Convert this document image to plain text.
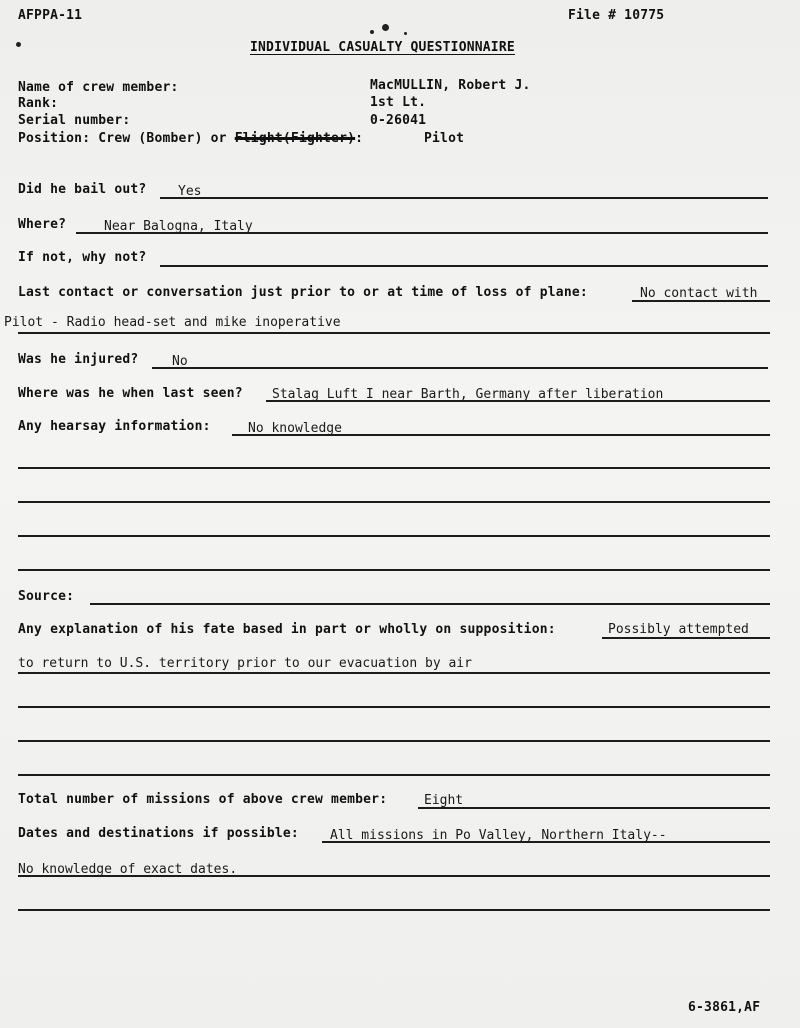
AFPPA-11	File # 10775
INDIVIDUAL CASUALTY QUESTIONNAIRE
Name of crew member:	MacMULLIN, Robert J.
Rank:	1st Lt.
Serial number:	0-26041
Position: Crew (Bomber) or Flight(Fighter):	Pilot
Did he bail out? Yes
Where?	Near Balogna, Italy
If not, why not?
Last contact or conversation just prior to or at time of loss of plane:	No contact with
Pilot - Radio head-set and mike inoperative
Was he injured?	No
Where was he when last seen? Stalag Luft I near Barth, Germany after liberation
Any hearsay information:	No knowledge
Source:
Any explanation of his fate based in part or wholly on supposition:	Possibly attempted
to return to U.S. territory prior to our evacuation by air
Total number of missions of above crew member:	Eight
Dates and destinations if possible: All missions in Po Valley, Northern Italy--
No knowledge of exact dates.
6-3861,AF
